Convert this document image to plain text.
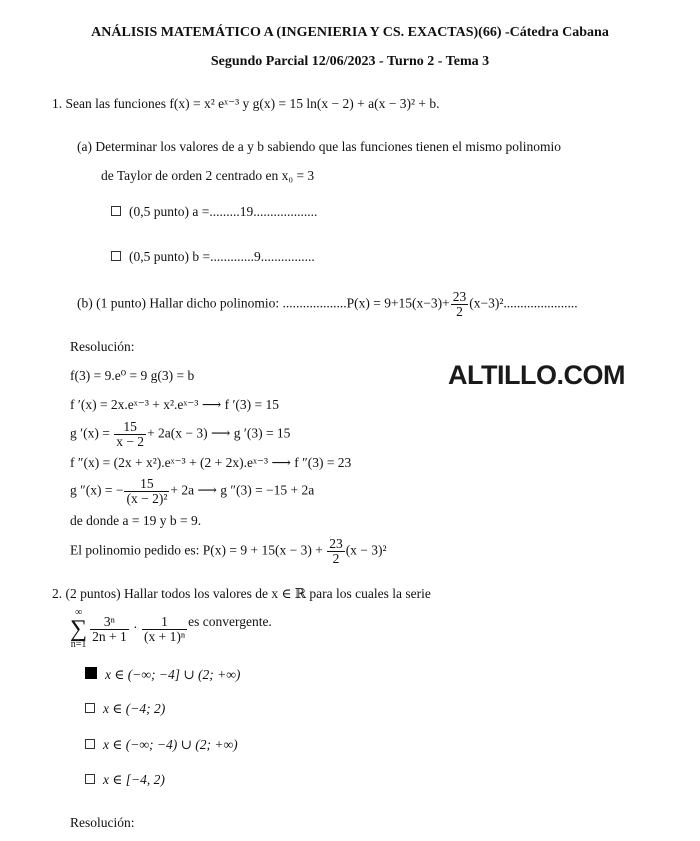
ANÁLISIS MATEMÁTICO A (INGENIERIA Y CS. EXACTAS)(66) -Cátedra Cabana
Segundo Parcial 12/06/2023 - Turno 2 - Tema 3
1. Sean las funciones f(x) = x² eˣ⁻³ y g(x) = 15 ln(x − 2) + a(x − 3)² + b.
(a) Determinar los valores de a y b sabiendo que las funciones tienen el mismo polinomio
de Taylor de orden 2 centrado en x₀ = 3
(0,5 punto) a =.........19...................
(0,5 punto) b =.............9................
(b) (1 punto) Hallar dicho polinomio: $...................P(x) = 9+15(x-3)+ \frac{23}{2} (x-3)^2$......................
Resolución:
f(3) = 9.e⁰ = 9 g(3) = b	ALTILLO.COM
f ′(x) = 2x.eˣ⁻³ + x².eˣ⁻³ ⟶ f ′(3) = 15
g $'(x) = \frac{15}{x - 2} + 2a(x - 3)$ ⟶ g ′(3) = 15
f ″(x) = (2x + x²).eˣ⁻³ + (2 + 2x).eˣ⁻³ ⟶ f ″(3) = 23
g ″(x) = − $\frac{15}{\text{(x − 2)²}} + 2a$ ⟶ g ″(3) = −15 + 2a
de donde a = 19 y b = 9.
El polinomio pedido es: $P(x) = 9 + 15(x - 3) + \frac{23}{2} (x - 3)^2$
2. (2 puntos) Hallar todos los valores de x ∈ ℝ para los cuales la serie
∞
∑
n=1
$\frac{\text{3ⁿ}}{2n + 1} \cdot \frac{1}{\text{(x + 1)ⁿ}}$ es convergente.
x ∈ (−∞; −4] ∪ (2; +∞)
x ∈ (−4; 2)
x ∈ (−∞; −4) ∪ (2; +∞)
x ∈ [−4, 2)
Resolución:
